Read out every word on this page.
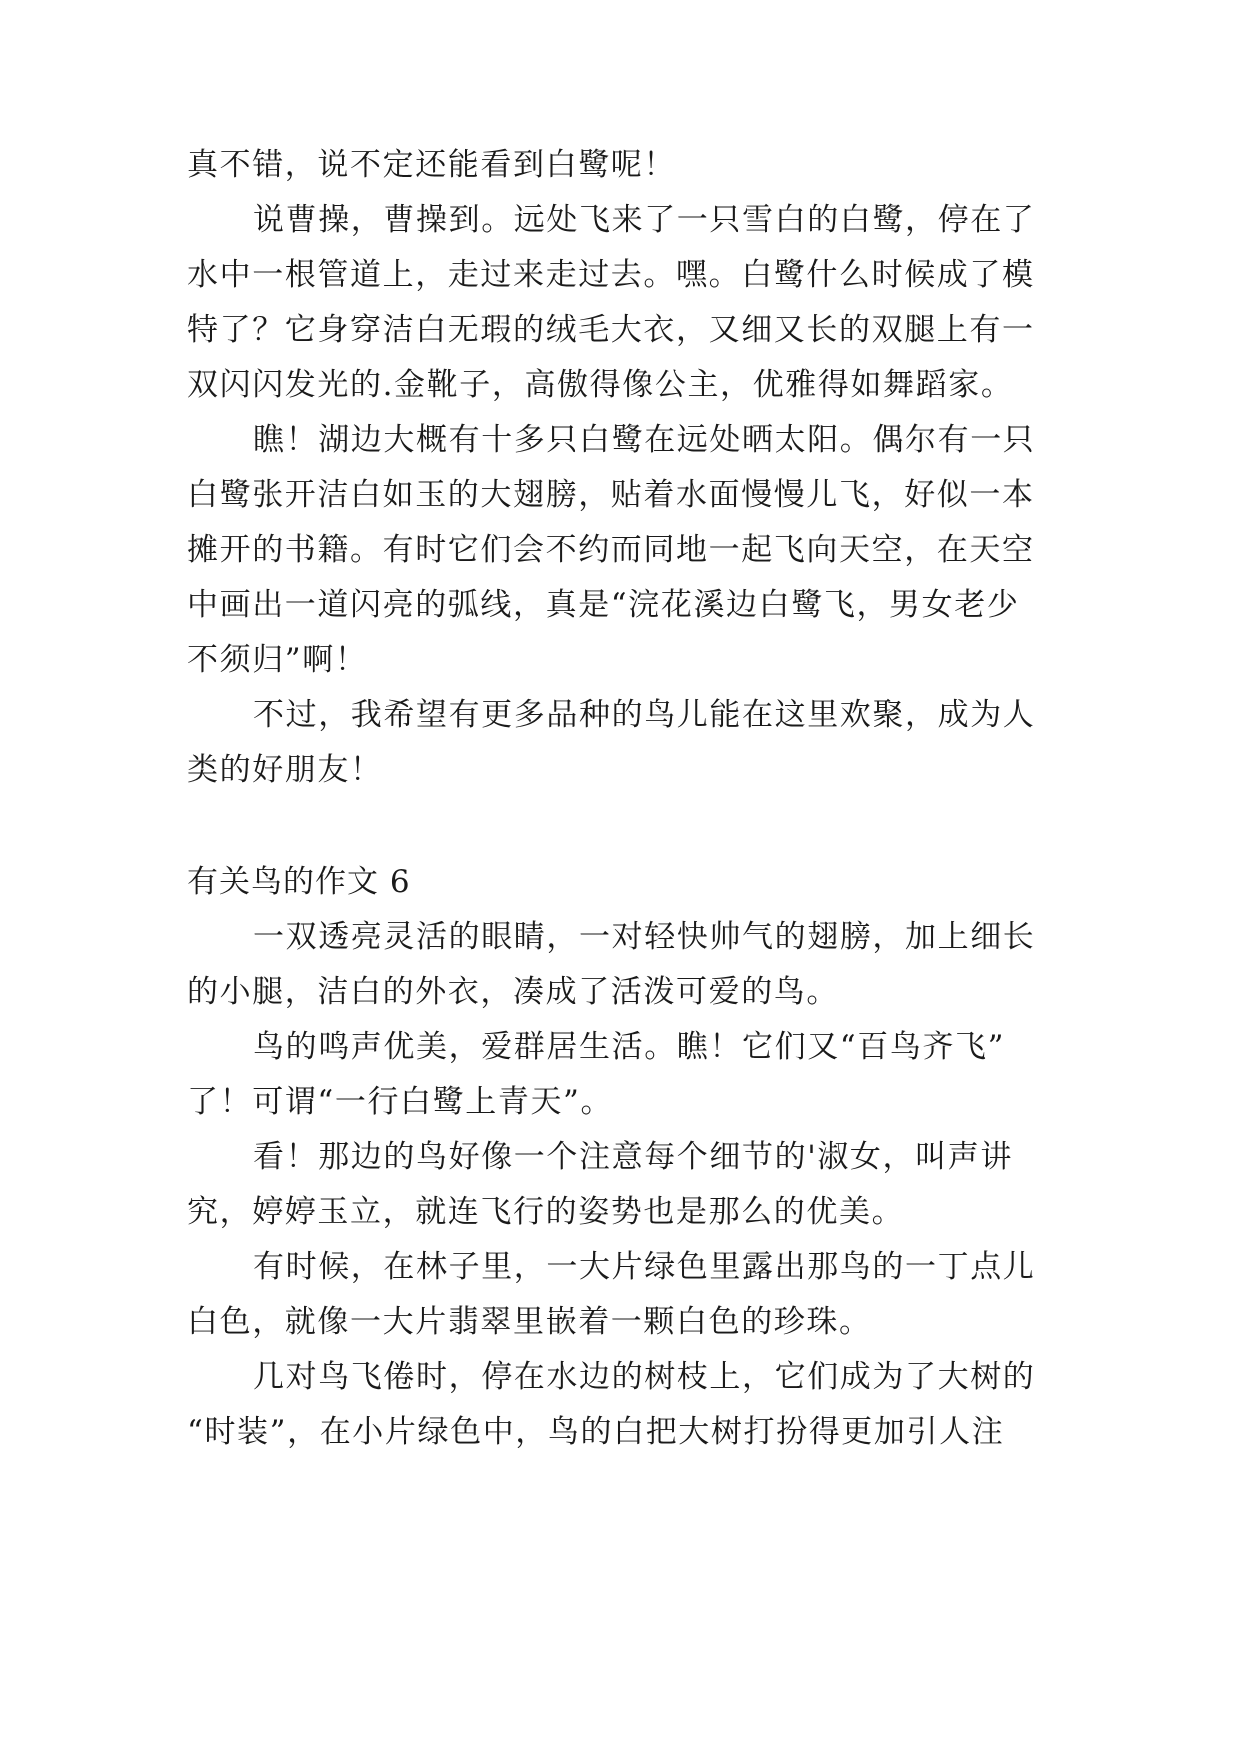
真不错，说不定还能看到白鹭呢！

说曹操，曹操到。远处飞来了一只雪白的白鹭，停在了

水中一根管道上，走过来走过去。嘿。白鹭什么时候成了模

特了？它身穿洁白无瑕的绒毛大衣，又细又长的双腿上有一

双闪闪发光的.金靴子，高傲得像公主，优雅得如舞蹈家。

瞧！湖边大概有十多只白鹭在远处晒太阳。偶尔有一只

白鹭张开洁白如玉的大翅膀，贴着水面慢慢儿飞，好似一本

摊开的书籍。有时它们会不约而同地一起飞向天空，在天空

中画出一道闪亮的弧线，真是“浣花溪边白鹭飞，男女老少

不须归”啊！

不过，我希望有更多品种的鸟儿能在这里欢聚，成为人

类的好朋友！

有关鸟的作文 6

一双透亮灵活的眼睛，一对轻快帅气的翅膀，加上细长

的小腿，洁白的外衣，凑成了活泼可爱的鸟。

鸟的鸣声优美，爱群居生活。瞧！它们又“百鸟齐飞”

了！可谓“一行白鹭上青天”。

看！那边的鸟好像一个注意每个细节的'淑女，叫声讲

究，婷婷玉立，就连飞行的姿势也是那么的优美。

有时候，在林子里，一大片绿色里露出那鸟的一丁点儿

白色，就像一大片翡翠里嵌着一颗白色的珍珠。

几对鸟飞倦时，停在水边的树枝上，它们成为了大树的

“时装”，在小片绿色中，鸟的白把大树打扮得更加引人注
